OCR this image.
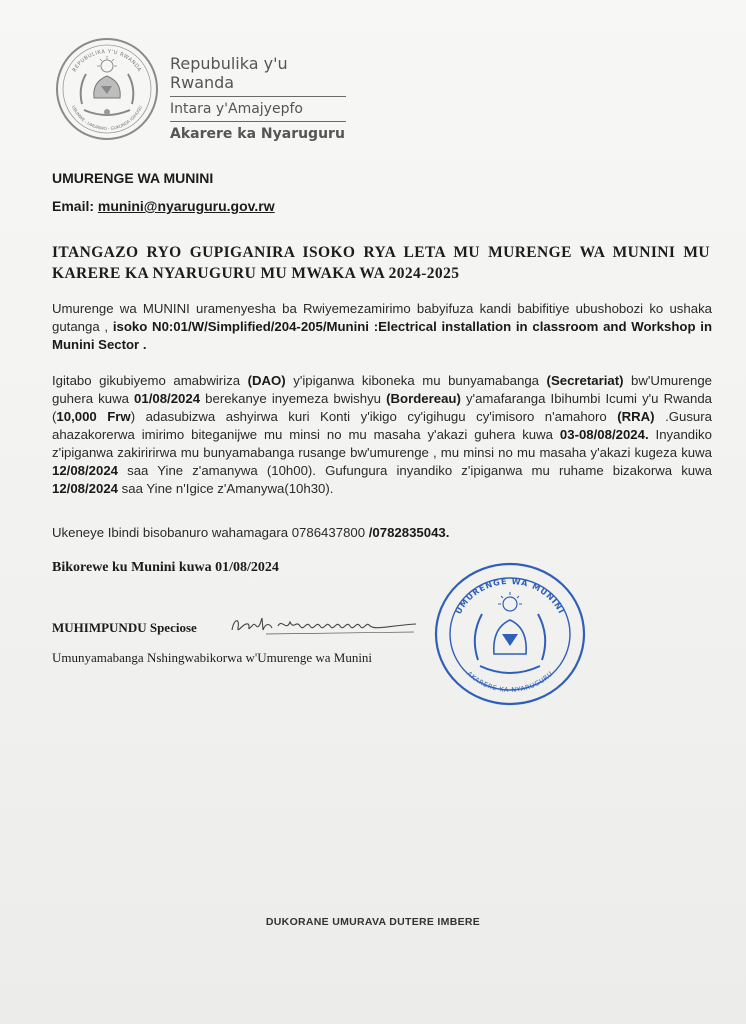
REPUBULIKA Y'U RWANDA
UBUMWE - UMURIMO - GUKUNDA IGIHUGU
Repubulika y'u Rwanda
Intara y'Amajyepfo
Akarere ka Nyaruguru
UMURENGE WA MUNINI
Email: munini@nyaruguru.gov.rw
ITANGAZO RYO GUPIGANIRA ISOKO RYA LETA MU MURENGE WA MUNINI MU KARERE KA NYARUGURU MU MWAKA WA 2024-2025
Umurenge wa MUNINI uramenyesha ba Rwiyemezamirimo babyifuza kandi babifitiye ubushobozi ko ushaka gutanga , isoko N0:01/W/Simplified/204-205/Munini :Electrical installation in classroom and Workshop in Munini Sector .
Igitabo gikubiyemo amabwiriza (DAO) y'ipiganwa kiboneka mu bunyamabanga (Secretariat) bw'Umurenge guhera kuwa 01/08/2024 berekanye inyemeza bwishyu (Bordereau) y'amafaranga Ibihumbi Icumi y'u Rwanda (10,000 Frw) adasubizwa ashyirwa kuri Konti y'ikigo cy'igihugu cy'imisoro n'amahoro (RRA) .Gusura ahazakorerwa imirimo biteganijwe mu minsi no mu masaha y'akazi guhera kuwa 03-08/08/2024. Inyandiko z'ipiganwa zakiririrwa mu bunyamabanga rusange bw'umurenge , mu minsi no mu masaha y'akazi kugeza kuwa 12/08/2024 saa Yine z'amanywa (10h00). Gufungura inyandiko z'ipiganwa mu ruhame bizakorwa kuwa 12/08/2024 saa Yine n'Igice z'Amanywa(10h30).
Ukeneye Ibindi bisobanuro wahamagara 0786437800 /0782835043.
Bikorewe ku Munini kuwa 01/08/2024
MUHIMPUNDU Speciose
Umunyamabanga Nshingwabikorwa w'Umurenge wa Munini
UMURENGE WA MUNINI
AKARERE KA NYARUGURU
DUKORANE UMURAVA DUTERE IMBERE
